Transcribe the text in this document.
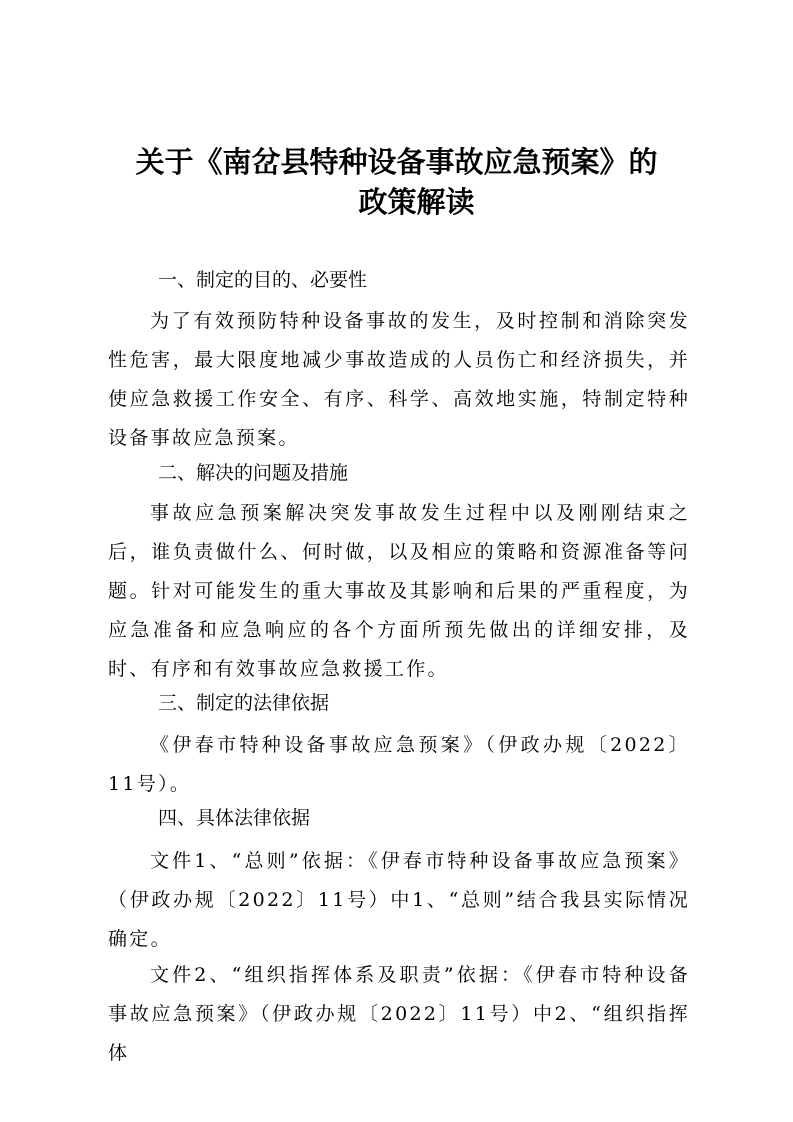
关于《南岔县特种设备事故应急预案》的
政策解读
一、制定的目的、必要性

为了有效预防特种设备事故的发生，及时控制和消除突发性危害，最大限度地减少事故造成的人员伤亡和经济损失，并使应急救援工作安全、有序、科学、高效地实施，特制定特种设备事故应急预案。

二、解决的问题及措施

事故应急预案解决突发事故发生过程中以及刚刚结束之后，谁负责做什么、何时做，以及相应的策略和资源准备等问题。针对可能发生的重大事故及其影响和后果的严重程度，为应急准备和应急响应的各个方面所预先做出的详细安排，及时、有序和有效事故应急救援工作。

三、制定的法律依据

《伊春市特种设备事故应急预案》（伊政办规〔2022〕11号）。

四、具体法律依据

文件1、“总则”依据：《伊春市特种设备事故应急预案》（伊政办规〔2022〕11号）中1、“总则”结合我县实际情况确定。

文件2、“组织指挥体系及职责”依据：《伊春市特种设备事故应急预案》（伊政办规〔2022〕11号）中2、“组织指挥体
